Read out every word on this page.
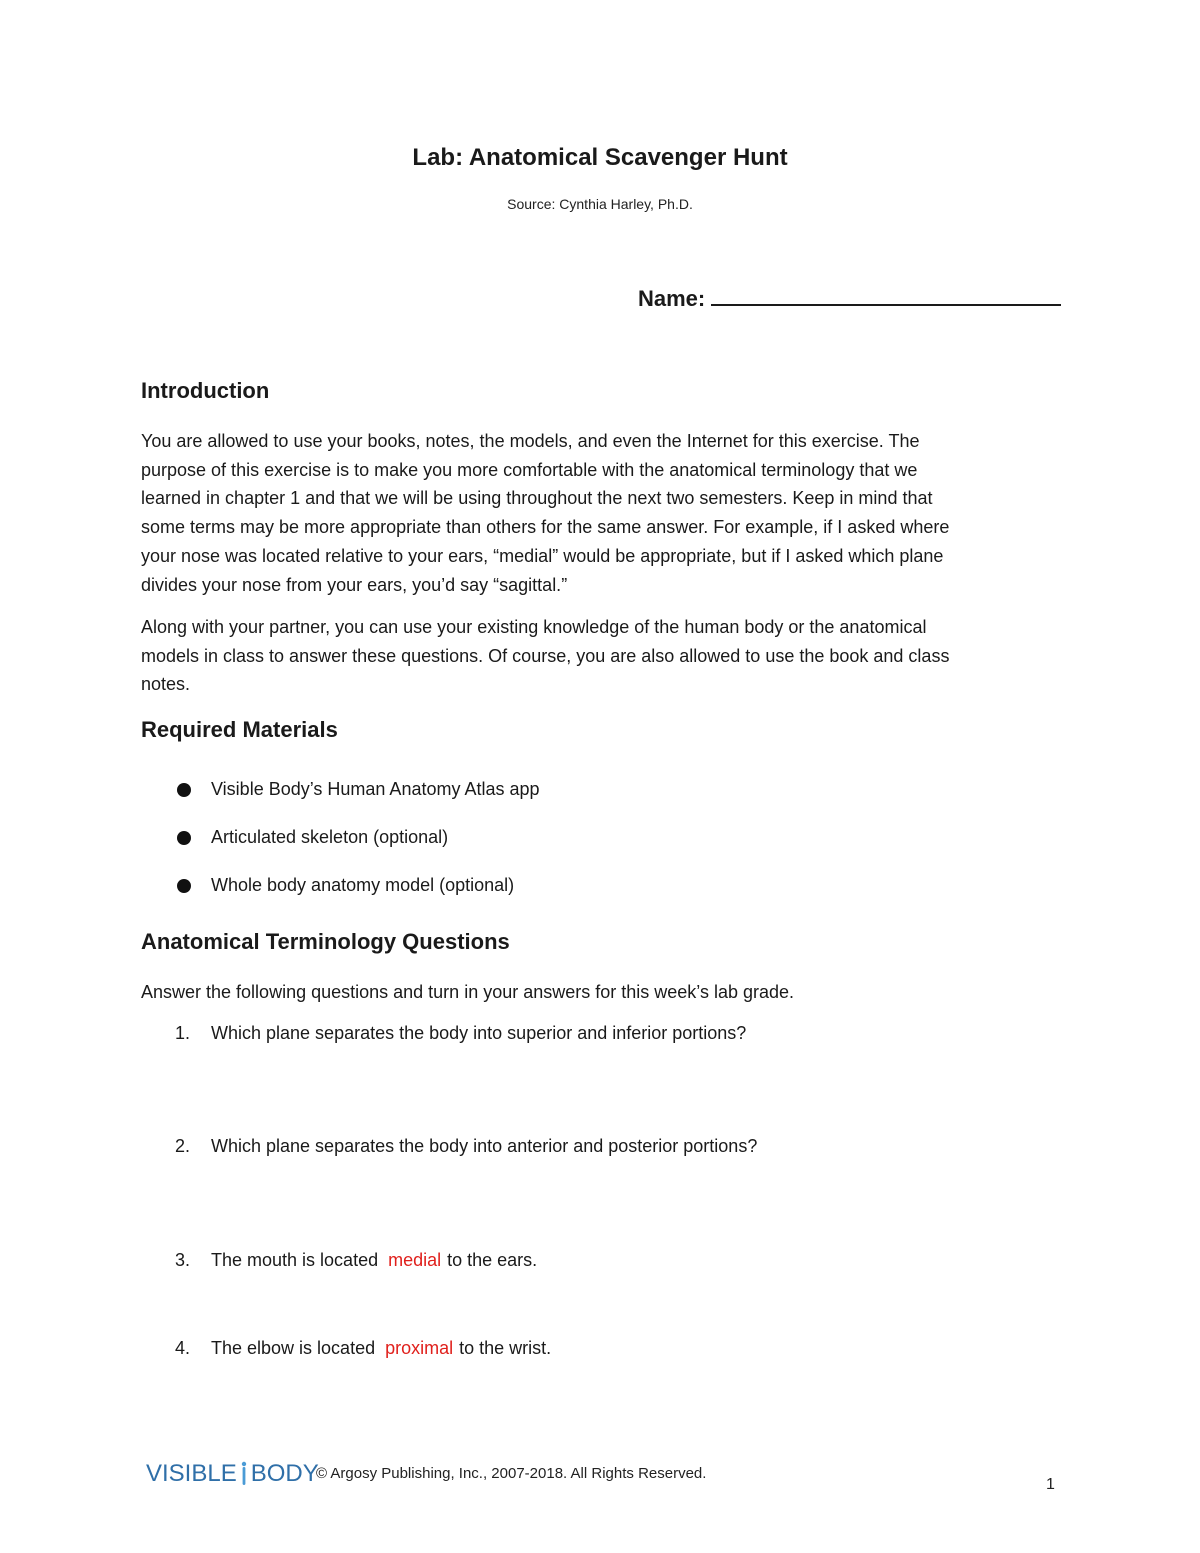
Lab: Anatomical Scavenger Hunt
Source: Cynthia Harley, Ph.D.
Name:
Introduction
You are allowed to use your books, notes, the models, and even the Internet for this exercise. The
purpose of this exercise is to make you more comfortable with the anatomical terminology that we
learned in chapter 1 and that we will be using throughout the next two semesters. Keep in mind that
some terms may be more appropriate than others for the same answer. For example, if I asked where
your nose was located relative to your ears, “medial” would be appropriate, but if I asked which plane
divides your nose from your ears, you’d say “sagittal.”
Along with your partner, you can use your existing knowledge of the human body or the anatomical
models in class to answer these questions. Of course, you are also allowed to use the book and class
notes.
Required Materials
Visible Body’s Human Anatomy Atlas app
Articulated skeleton (optional)
Whole body anatomy model (optional)
Anatomical Terminology Questions
Answer the following questions and turn in your answers for this week’s lab grade.
1. Which plane separates the body into superior and inferior portions?
2. Which plane separates the body into anterior and posterior portions?
3. The mouth is located medial to the ears.
4. The elbow is located proximal to the wrist.
VISIBLE BODY
© Argosy Publishing, Inc., 2007-2018. All Rights Reserved.
1
